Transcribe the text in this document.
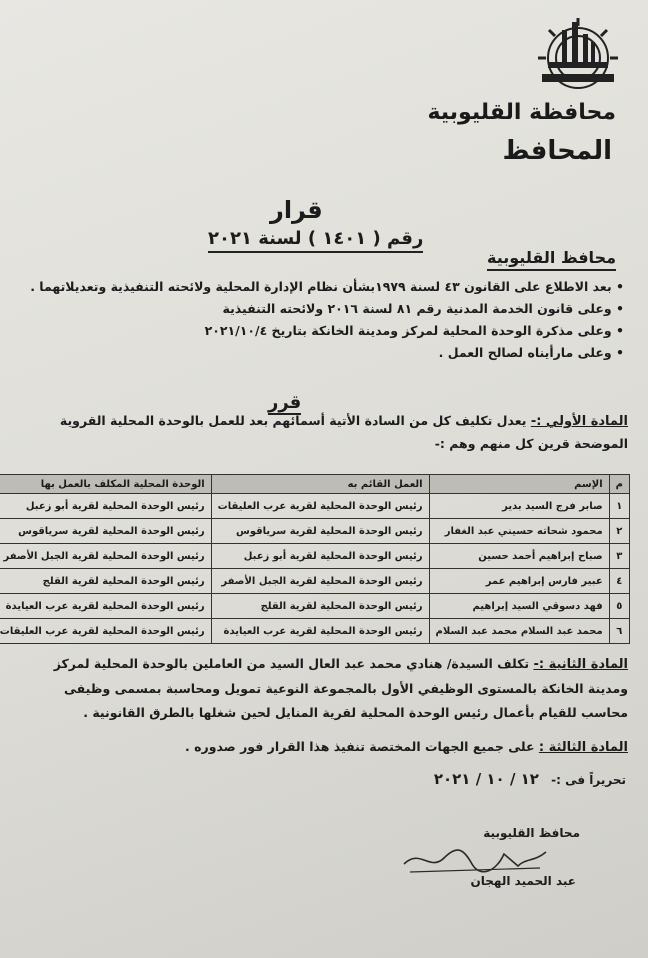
محافظة القليوبية
المحافظ
قرار
رقم ( ١٤٠١ ) لسنة ٢٠٢١
محافظ القليوبية
• بعد الاطلاع على القانون ٤٣ لسنة ١٩٧٩بشأن نظام الإدارة المحلية ولائحته التنفيذية وتعديلاتهما .
• وعلى قانون الخدمة المدنية رقم ٨١ لسنة ٢٠١٦ ولائحته التنفيذية
• وعلى مذكرة الوحدة المحلية لمركز ومدينة الخانكة بتاريخ ٢٠٢١/١٠/٤
• وعلى مارأيناه لصالح العمل .
قرر
المادة الأولي :- يعدل تكليف كل من السادة الأتية أسمائهم بعد للعمل بالوحدة المحلية القروية الموضحة قرين كل منهم وهم :-
م	الإسم	العمل القائم به	الوحدة المحلية المكلف بالعمل بها
١	صابر فرج السيد بدير	رئيس الوحدة المحلية لقرية عرب العليقات	رئيس الوحدة المحلية لقرية أبو زعبل
٢	محمود شحاته حسيني عبد الغفار	رئيس الوحدة المحلية لقرية سرياقوس	رئيس الوحدة المحلية لقرية سرياقوس
٣	صباح إبراهيم أحمد حسين	رئيس الوحدة المحلية لقرية أبو زعبل	رئيس الوحدة المحلية لقرية الجبل الأصفر
٤	عبير فارس إبراهيم عمر	رئيس الوحدة المحلية لقرية الجبل الأصفر	رئيس الوحدة المحلية لقرية القلج
٥	فهد دسوقي السيد إبراهيم	رئيس الوحدة المحلية لقرية القلج	رئيس الوحدة المحلية لقرية عرب العيايدة
٦	محمد عبد السلام محمد عبد السلام	رئيس الوحدة المحلية لقرية عرب العيايدة	رئيس الوحدة المحلية لقرية عرب العليقات
المادة الثانية :- تكلف السيدة/ هنادي محمد عبد العال السيد من العاملين بالوحدة المحلية لمركز ومدينة الخانكة بالمستوى الوظيفي الأول بالمجموعة النوعية تمويل ومحاسبة بمسمى وظيفى محاسب للقيام بأعمال رئيس الوحدة المحلية لقرية المنايل لحين شغلها بالطرق القانونية .
المادة الثالثة : على جميع الجهات المختصة تنفيذ هذا القرار فور صدوره .
تحريراً فى :- ١٢ / ١٠ / ٢٠٢١
محافظ القليوبية
عبد الحميد الهجان
